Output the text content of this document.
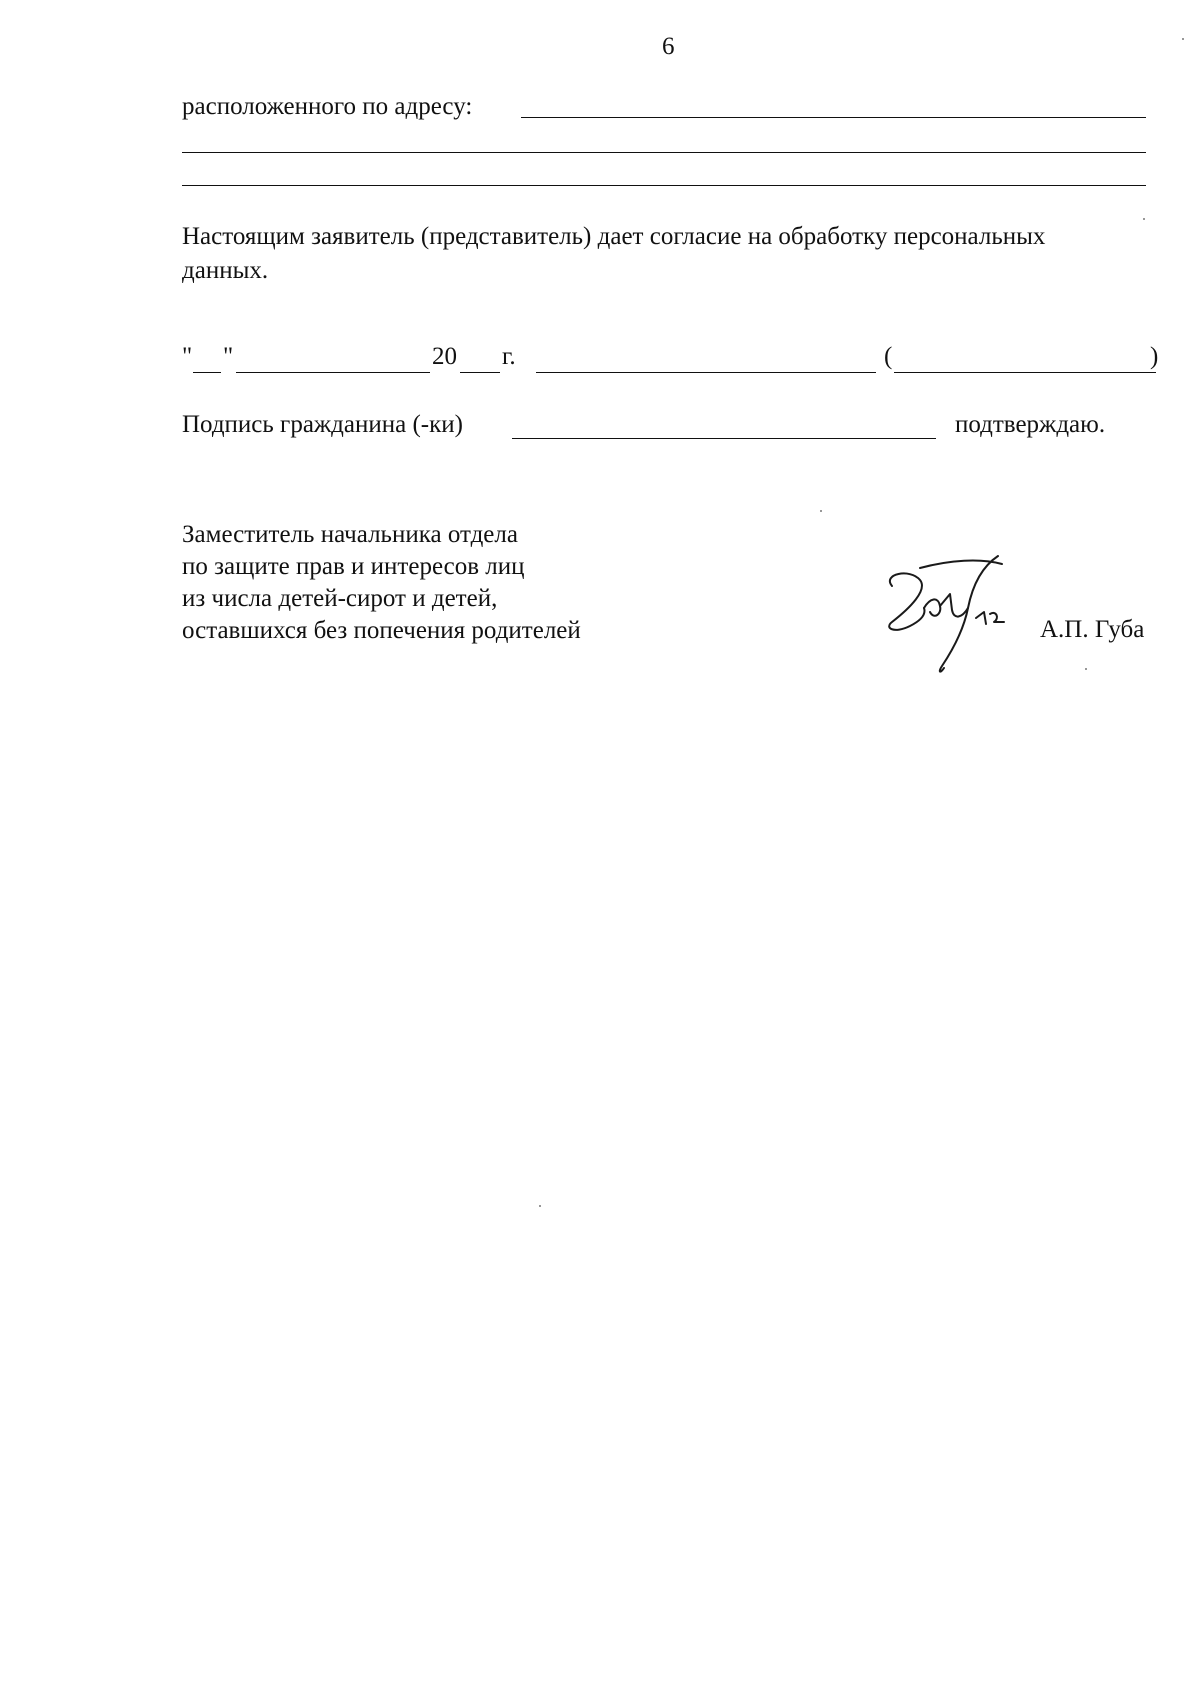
6
расположенного по адресу:
Настоящим заявитель (представитель) дает согласие на обработку персональных
данных.
" "	20 г.	(	)
Подпись гражданина (-ки)	подтверждаю.
Заместитель начальника отдела
по защите прав и интересов лиц
из числа детей-сирот и детей,
оставшихся без попечения родителей	А.П. Губа
